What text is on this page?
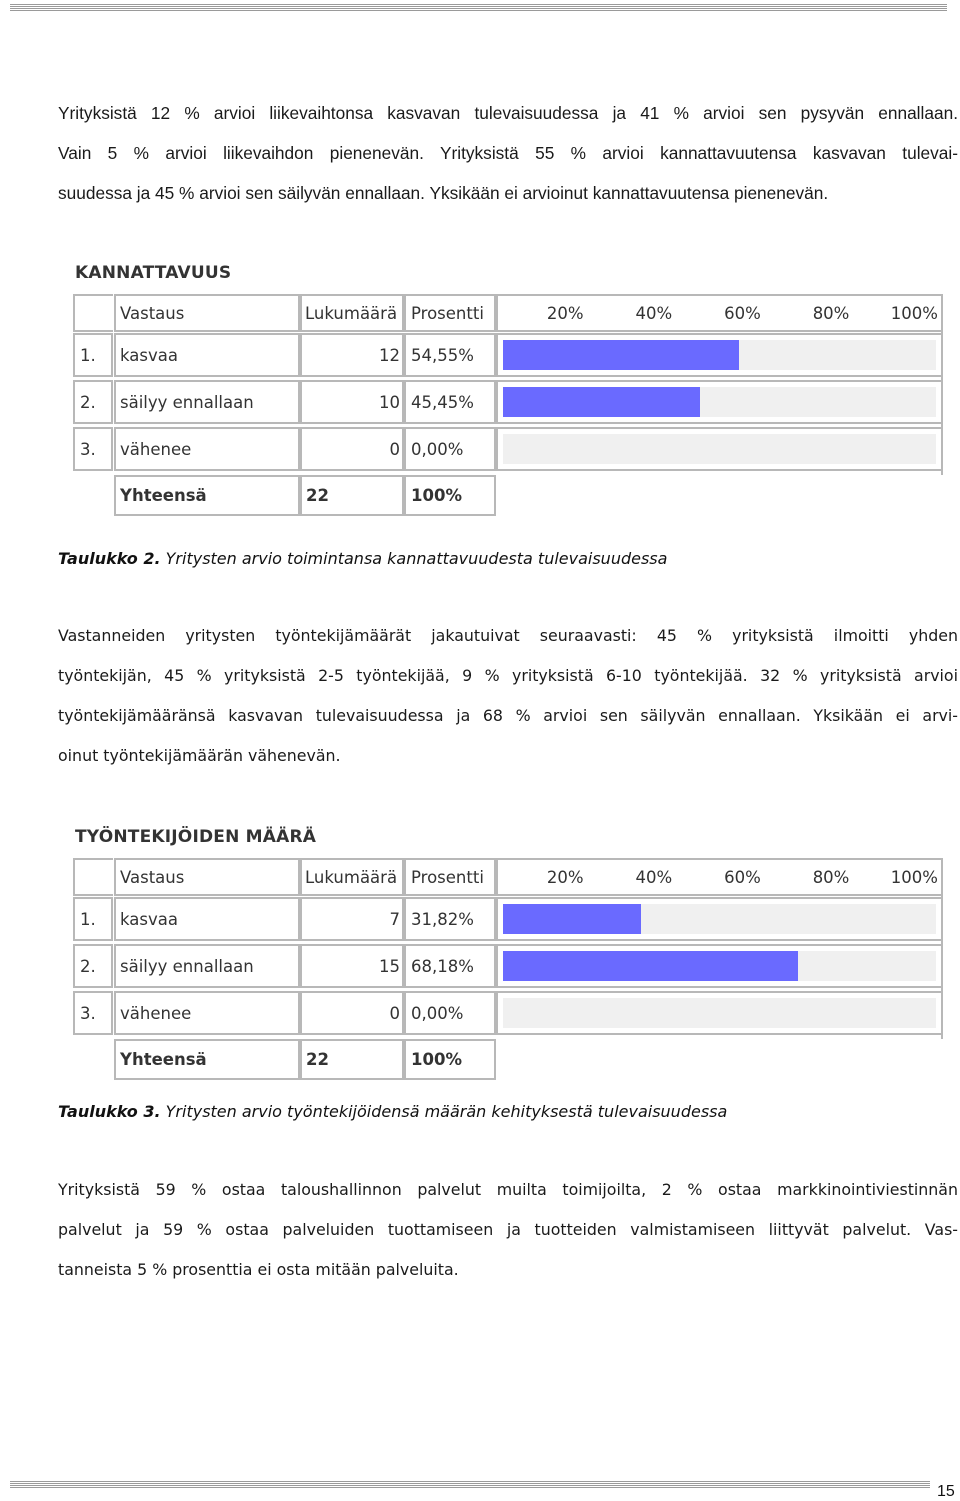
Yrityksistä 12 % arvioi liikevaihtonsa kasvavan tulevaisuudessa ja 41 % arvioi sen pysyvän ennallaan.
Vain 5 % arvioi liikevaihdon pienenevän. Yrityksistä 55 % arvioi kannattavuutensa kasvavan tulevai-
suudessa ja 45 % arvioi sen säilyvän ennallaan. Yksikään ei arvioinut kannattavuutensa pienenevän.

KANNATTAVUUS
Vastaus	Lukumäärä Prosentti	20%	40%	60%	80%	100%
1.	kasvaa	12 54,55%
2.	säilyy ennallaan	10 45,45%
3.	vähenee	0 0,00%
Yhteensä	22	100%
Taulukko 2. Yritysten arvio toimintansa kannattavuudesta tulevaisuudessa

Vastanneiden yritysten työntekijämäärät jakautuivat seuraavasti: 45 % yrityksistä ilmoitti yhden
työntekijän, 45 % yrityksistä 2-5 työntekijää, 9 % yrityksistä 6-10 työntekijää. 32 % yrityksistä arvioi
työntekijämääränsä kasvavan tulevaisuudessa ja 68 % arvioi sen säilyvän ennallaan. Yksikään ei arvi-
oinut työntekijämäärän vähenevän.

TYÖNTEKIJÖIDEN MÄÄRÄ
Vastaus	Lukumäärä Prosentti	20%	40%	60%	80%	100%
1.	kasvaa	7 31,82%
2.	säilyy ennallaan	15 68,18%
3.	vähenee	0 0,00%
Yhteensä	22	100%
Taulukko 3. Yritysten arvio työntekijöidensä määrän kehityksestä tulevaisuudessa

Yrityksistä 59 % ostaa taloushallinnon palvelut muilta toimijoilta, 2 % ostaa markkinointiviestinnän
palvelut ja 59 % ostaa palveluiden tuottamiseen ja tuotteiden valmistamiseen liittyvät palvelut. Vas-
tanneista 5 % prosenttia ei osta mitään palveluita.

15
